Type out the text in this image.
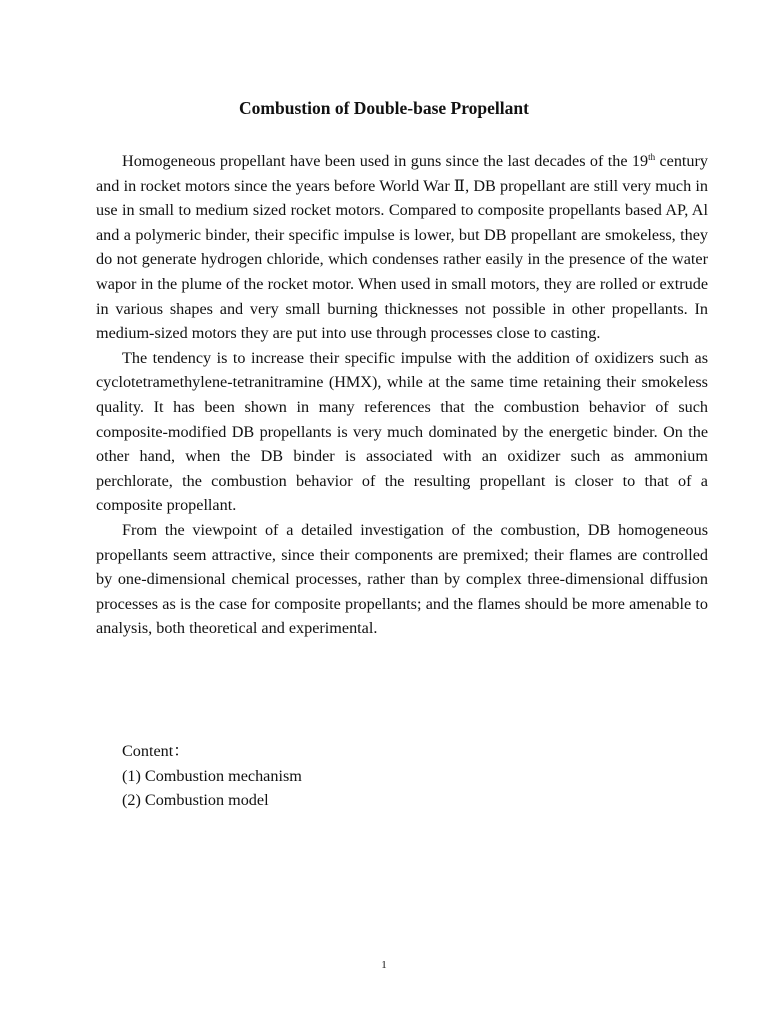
Combustion of Double-base Propellant

Homogeneous propellant have been used in guns since the last decades of the 19th century and in rocket motors since the years before World War Ⅱ, DB propellant are still very much in use in small to medium sized rocket motors. Compared to composite propellants based AP, Al and a polymeric binder, their specific impulse is lower, but DB propellant are smokeless, they do not generate hydrogen chloride, which condenses rather easily in the presence of the water wapor in the plume of the rocket motor. When used in small motors, they are rolled or extrude in various shapes and very small burning thicknesses not possible in other propellants. In medium-sized motors they are put into use through processes close to casting.

The tendency is to increase their specific impulse with the addition of oxidizers such as cyclotetramethylene-tetranitramine (HMX), while at the same time retaining their smokeless quality. It has been shown in many references that the combustion behavior of such composite-modified DB propellants is very much dominated by the energetic binder. On the other hand, when the DB binder is associated with an oxidizer such as ammonium perchlorate, the combustion behavior of the resulting propellant is closer to that of a composite propellant.

From the viewpoint of a detailed investigation of the combustion, DB homogeneous propellants seem attractive, since their components are premixed; their flames are controlled by one-dimensional chemical processes, rather than by complex three-dimensional diffusion processes as is the case for composite propellants; and the flames should be more amenable to analysis, both theoretical and experimental.

Content：
(1) Combustion mechanism
(2) Combustion model
1
